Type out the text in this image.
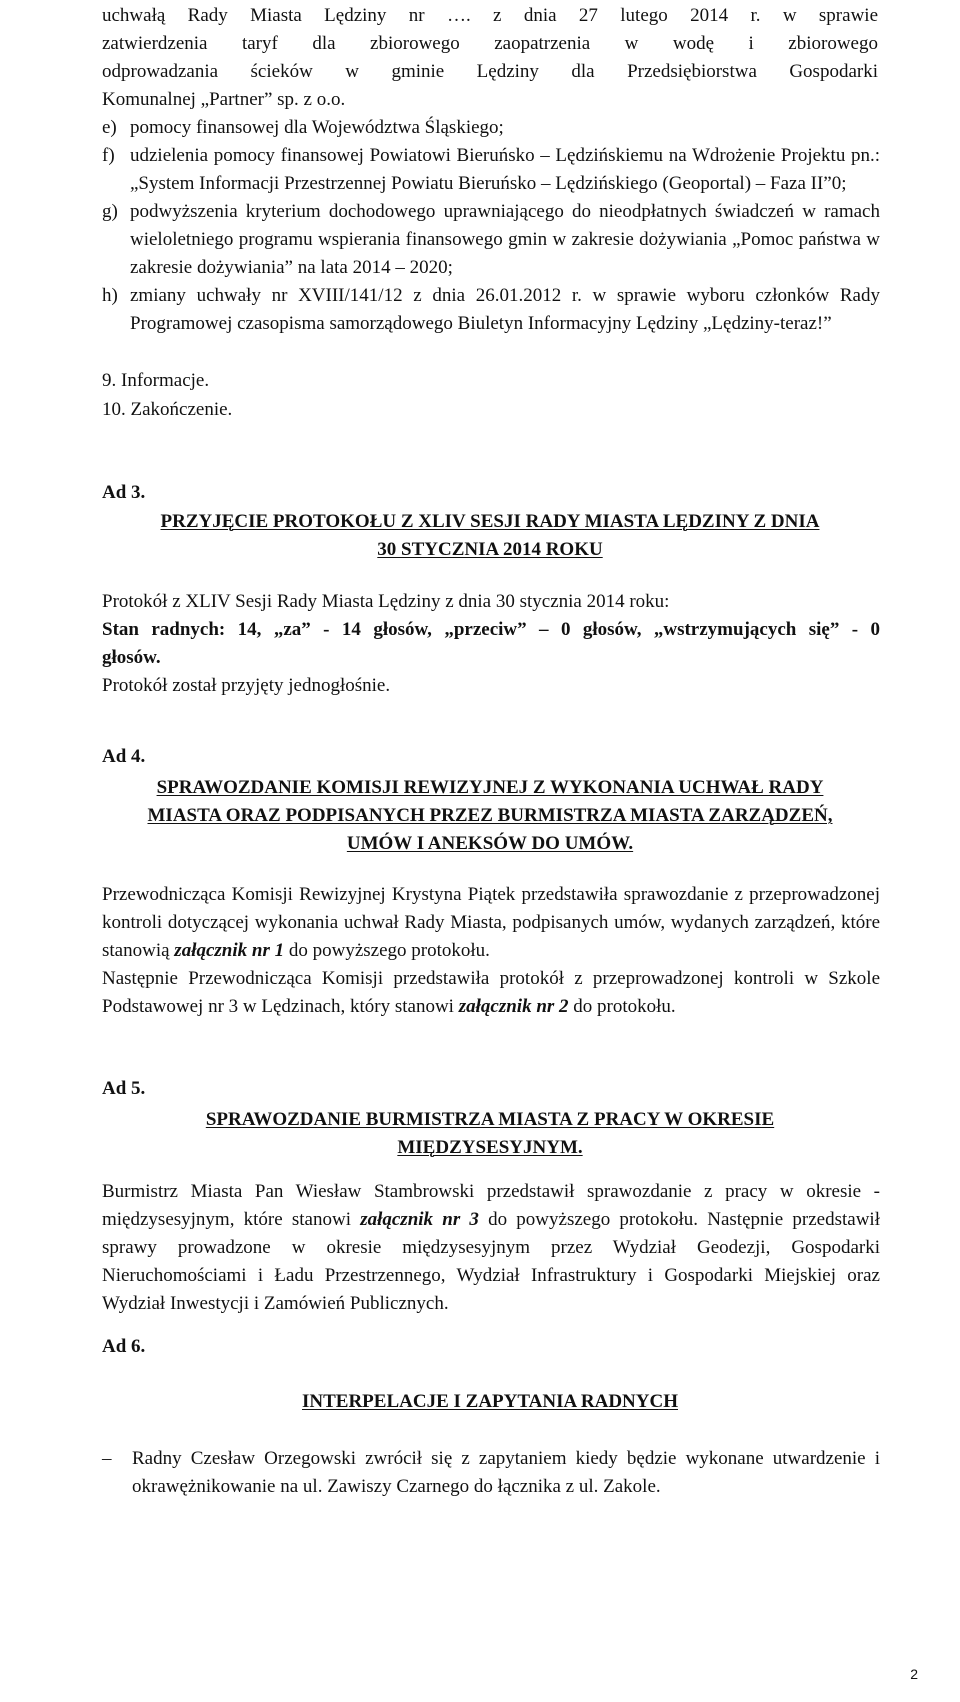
uchwałą Rady Miasta Lędziny nr …. z dnia 27 lutego 2014 r. w sprawie

zatwierdzenia taryf dla zbiorowego zaopatrzenia w wodę i zbiorowego

odprowadzania ścieków w gminie Lędziny dla Przedsiębiorstwa Gospodarki

Komunalnej „Partner” sp. z o.o.

e) pomocy finansowej dla Województwa Śląskiego;
f) udzielenia pomocy finansowej Powiatowi Bieruńsko – Lędzińskiemu na Wdrożenie Projektu pn.: „System Informacji Przestrzennej Powiatu Bieruńsko – Lędzińskiego (Geoportal) – Faza II”0;
g) podwyższenia kryterium dochodowego uprawniającego do nieodpłatnych świadczeń w ramach wieloletniego programu wspierania finansowego gmin w zakresie dożywiania „Pomoc państwa w zakresie dożywiania” na lata 2014 – 2020;
h) zmiany uchwały nr XVIII/141/12 z dnia 26.01.2012 r. w sprawie wyboru członków Rady Programowej czasopisma samorządowego Biuletyn Informacyjny Lędziny „Lędziny-teraz!”
9. Informacje.
10. Zakończenie.
Ad 3.
PRZYJĘCIE PROTOKOŁU Z XLIV SESJI RADY MIASTA LĘDZINY Z DNIA
30 STYCZNIA 2014 ROKU

Protokół z XLIV Sesji Rady Miasta Lędziny z dnia 30 stycznia 2014 roku:

Stan radnych: 14, „za” - 14 głosów, „przeciw” – 0 głosów, „wstrzymujących się” - 0

głosów.

Protokół został przyjęty jednogłośnie.

Ad 4.
SPRAWOZDANIE KOMISJI REWIZYJNEJ Z WYKONANIA UCHWAŁ RADY
MIASTA ORAZ PODPISANYCH PRZEZ BURMISTRZA MIASTA ZARZĄDZEŃ,
UMÓW I ANEKSÓW DO UMÓW.

Przewodnicząca Komisji Rewizyjnej Krystyna Piątek przedstawiła sprawozdanie z przeprowadzonej kontroli dotyczącej wykonania uchwał Rady Miasta, podpisanych umów, wydanych zarządzeń, które stanowią załącznik nr 1 do powyższego protokołu.

Następnie Przewodnicząca Komisji przedstawiła protokół z przeprowadzonej kontroli w Szkole Podstawowej nr 3 w Lędzinach, który stanowi załącznik nr 2 do protokołu.

Ad 5.
SPRAWOZDANIE BURMISTRZA MIASTA Z PRACY W OKRESIE
MIĘDZYSESYJNYM.

Burmistrz Miasta Pan Wiesław Stambrowski przedstawił sprawozdanie z pracy w okresie - międzysesyjnym, które stanowi załącznik nr 3 do powyższego protokołu. Następnie przedstawił sprawy prowadzone w okresie międzysesyjnym przez Wydział Geodezji, Gospodarki Nieruchomościami i Ładu Przestrzennego, Wydział Infrastruktury i Gospodarki Miejskiej oraz Wydział Inwestycji i Zamówień Publicznych.

Ad 6.
INTERPELACJE I ZAPYTANIA RADNYCH
–	Radny Czesław Orzegowski zwrócił się z zapytaniem kiedy będzie wykonane utwardzenie i okrawężnikowanie na ul. Zawiszy Czarnego do łącznika z ul. Zakole.
2
